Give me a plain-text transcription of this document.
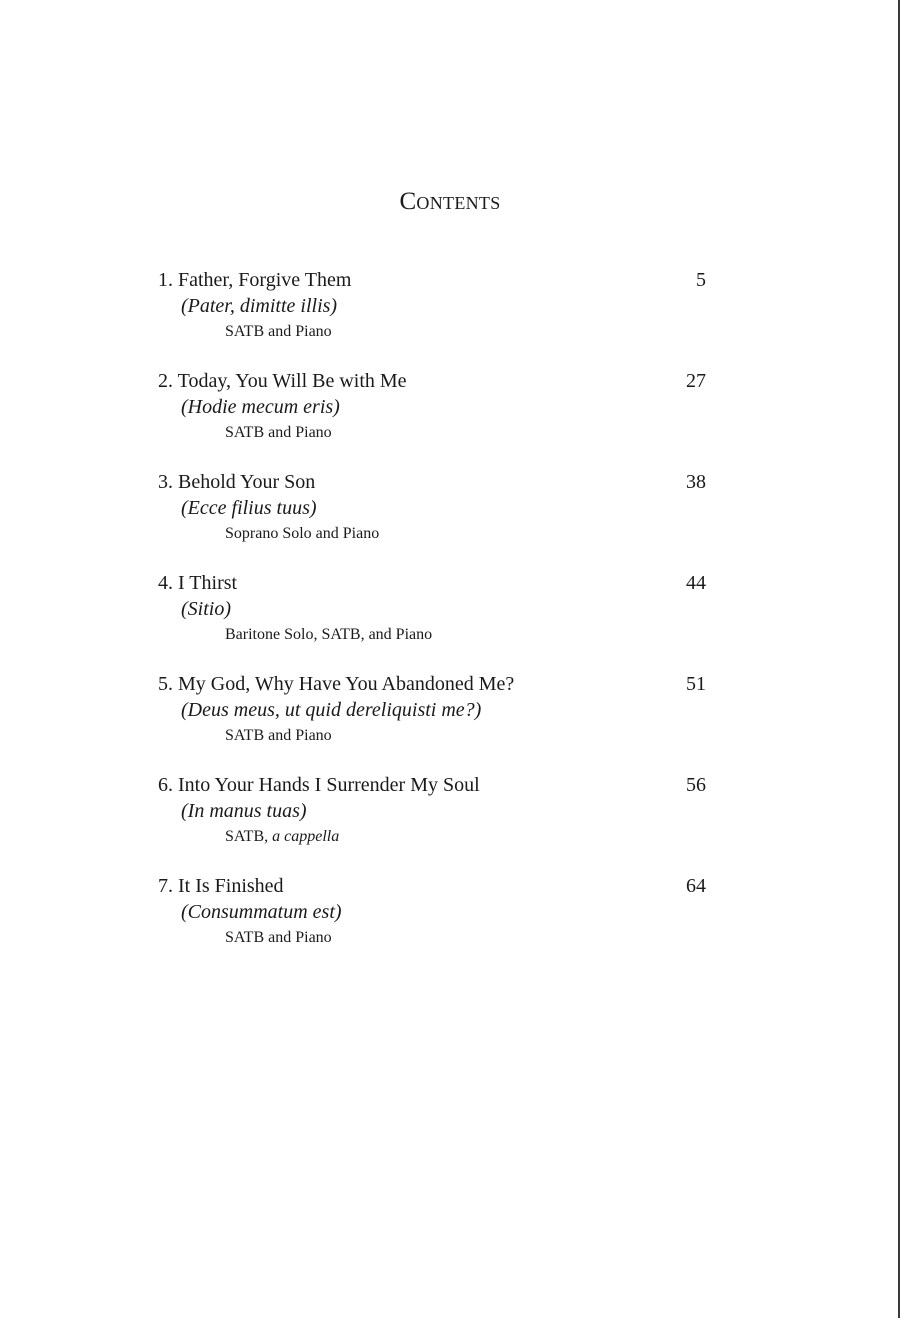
Contents
1. Father, Forgive Them	5
(Pater, dimitte illis)
SATB and Piano
2. Today, You Will Be with Me	27
(Hodie mecum eris)
SATB and Piano
3. Behold Your Son	38
(Ecce filius tuus)
Soprano Solo and Piano
4. I Thirst	44
(Sitio)
Baritone Solo, SATB, and Piano
5. My God, Why Have You Abandoned Me?	51
(Deus meus, ut quid dereliquisti me?)
SATB and Piano
6. Into Your Hands I Surrender My Soul	56
(In manus tuas)
SATB, a cappella
7. It Is Finished	64
(Consummatum est)
SATB and Piano
